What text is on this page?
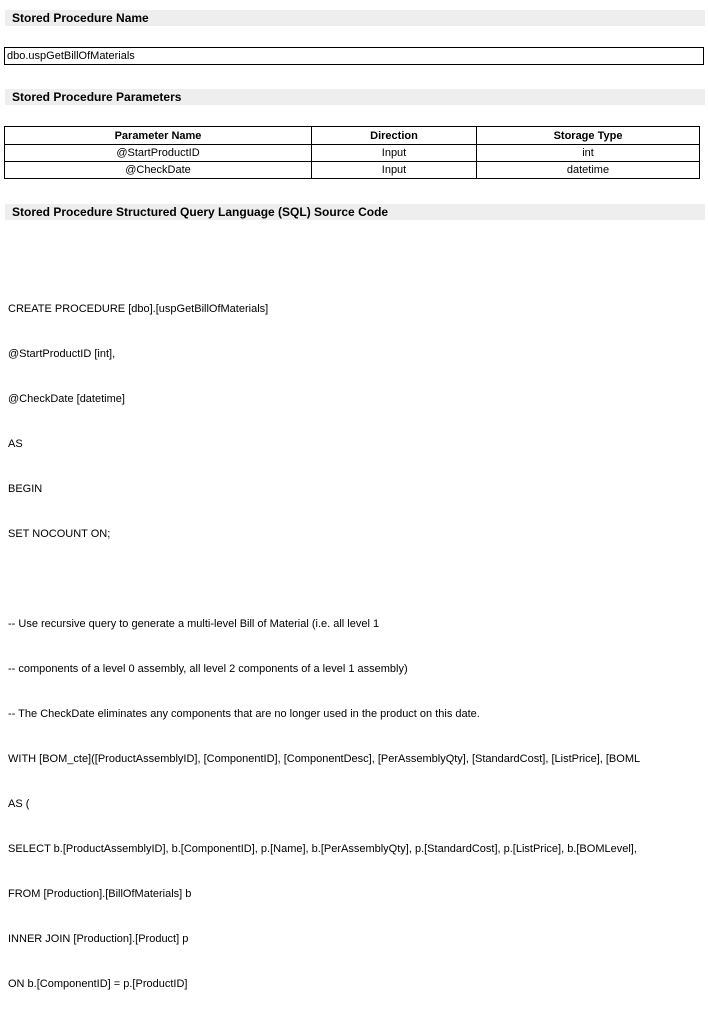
Stored Procedure Name
dbo.uspGetBillOfMaterials
Stored Procedure Parameters
Parameter Name	Direction	Storage Type
@StartProductID	Input	int
@CheckDate	Input	datetime
Stored Procedure Structured Query Language (SQL) Source Code

CREATE PROCEDURE [dbo].[uspGetBillOfMaterials]

@StartProductID [int],

@CheckDate [datetime]

AS

BEGIN

SET NOCOUNT ON;

-- Use recursive query to generate a multi-level Bill of Material (i.e. all level 1

-- components of a level 0 assembly, all level 2 components of a level 1 assembly)

-- The CheckDate eliminates any components that are no longer used in the product on this date.

WITH [BOM_cte]([ProductAssemblyID], [ComponentID], [ComponentDesc], [PerAssemblyQty], [StandardCost], [ListPrice], [BOML

AS (

SELECT b.[ProductAssemblyID], b.[ComponentID], p.[Name], b.[PerAssemblyQty], p.[StandardCost], p.[ListPrice], b.[BOMLevel],

FROM [Production].[BillOfMaterials] b

INNER JOIN [Production].[Product] p

ON b.[ComponentID] = p.[ProductID]
